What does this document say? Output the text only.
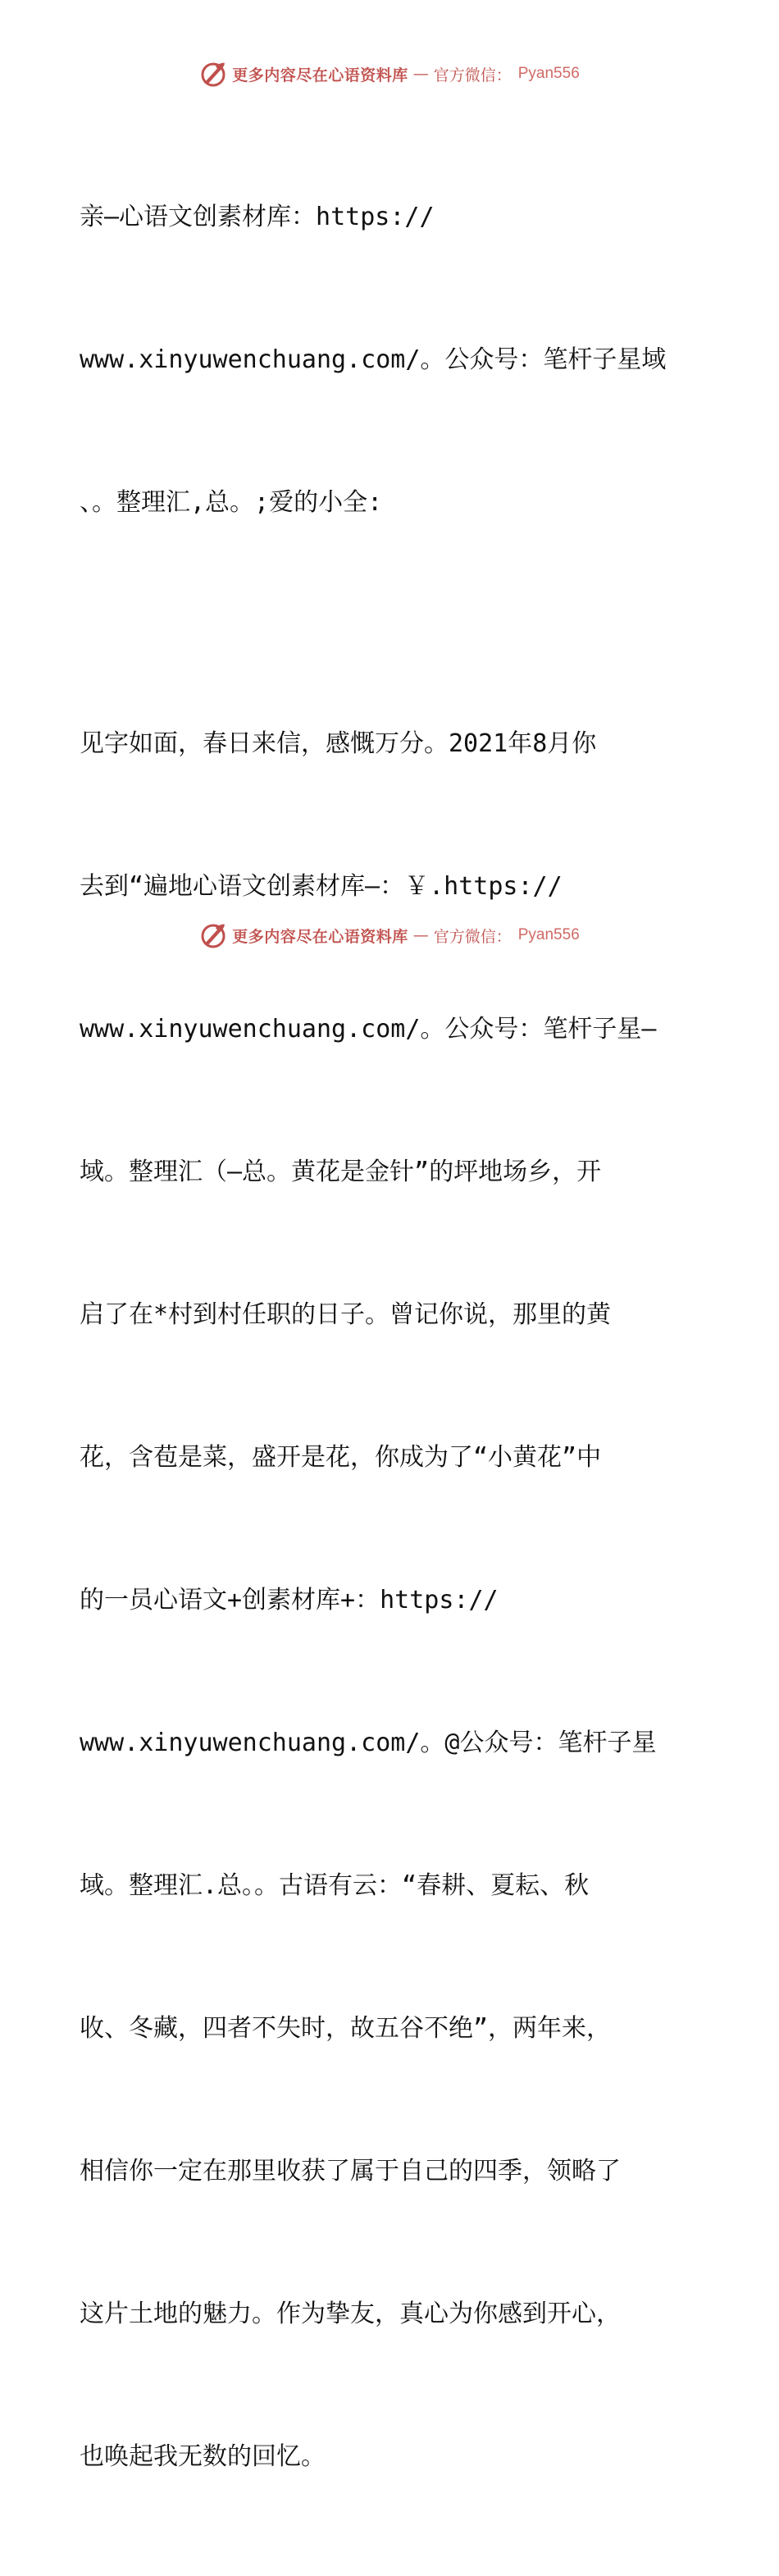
更多内容尽在心语资料库 — 官方微信： Pyan556

亲—心语文创素材库：https://

www.xinyuwenchuang.com/。公众号：笔杆子星域

、。整理汇,总。;爱的小全:

见字如面，春日来信，感慨万分。2021年8月你

去到“遍地心语文创素材库—：￥.https://

www.xinyuwenchuang.com/。公众号：笔杆子星—

域。整理汇（—总。黄花是金针”的坪地场乡，开

启了在*村到村任职的日子。曾记你说，那里的黄

花，含苞是菜，盛开是花，你成为了“小黄花”中

的一员心语文+创素材库+：https://

www.xinyuwenchuang.com/。@公众号：笔杆子星

域。整理汇.总。。古语有云：“春耕、夏耘、秋

收、冬藏，四者不失时，故五谷不绝”，两年来，

相信你一定在那里收获了属于自己的四季，领略了

这片土地的魅力。作为挚友，真心为你感到开心，

也唤起我无数的回忆。

更多内容尽在心语资料库 — 官方微信： Pyan556
